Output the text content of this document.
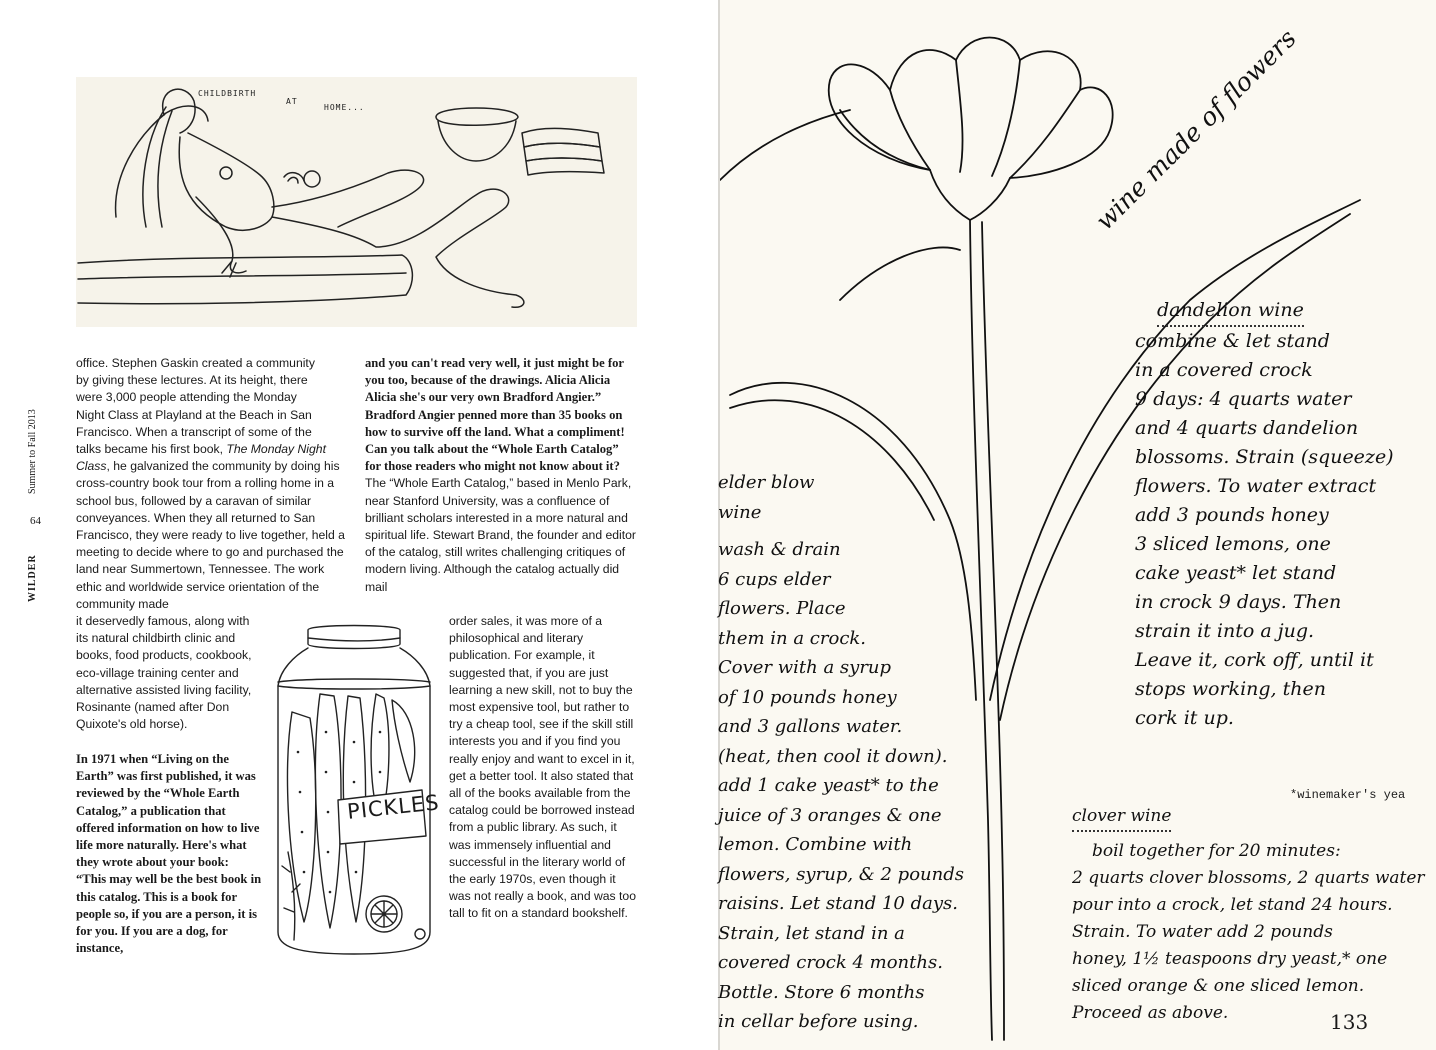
CHILDBIRTH
AT
HOME...
WILDER
Summer to Fall 2013
64

office. Stephen Gaskin created a community

by giving these lectures. At its height, there

were 3,000 people attending the Monday

Night Class at Playland at the Beach in San

Francisco. When a transcript of some of the

talks became his first book, The Monday Night Class, he galvanized the community by doing his cross-country book tour from a rolling home in a school bus, followed by a caravan of similar conveyances. When they all returned to San Francisco, they were ready to live together, held a meeting to decide where to go and purchased the land near Summertown, Tennessee. The work ethic and worldwide service orientation of the community made

it deservedly famous, along with its natural childbirth clinic and books, food products, cookbook, eco-village training center and alternative assisted living facility, Rosinante (named after Don Quixote's old horse).
In 1971 when “Living on the Earth” was first published, it was reviewed by the “Whole Earth Catalog,” a publication that offered information on how to live life more naturally. Here's what they wrote about your book: “This may well be the best book in this catalog. This is a book for people so, if you are a person, it is for you. If you are a dog, for instance,

and you can't read very well, it just might be for you too, because of the drawings. Alicia Alicia Alicia she's our very own Bradford Angier.” Bradford Angier penned more than 35 books on how to survive off the land. What a compliment! Can you talk about the “Whole Earth Catalog” for those readers who might not know about it?

The “Whole Earth Catalog,” based in Menlo Park, near Stanford University, was a confluence of brilliant scholars interested in a more natural and spiritual life. Stewart Brand, the founder and editor of the catalog, still writes challenging critiques of modern living. Although the catalog actually did mail

order sales, it was more of a philosophical and literary publication. For example, it suggested that, if you are just learning a new skill, not to buy the most expensive tool, but rather to try a cheap tool, see if the skill still interests you and if you find you really enjoy and want to excel in it, get a better tool. It also stated that all of the books available from the catalog could be borrowed instead from a public library. As such, it was immensely influential and successful in the literary world of the early 1970s, even though it was not really a book, and was too tall to fit on a standard bookshelf.
PICKLES
wine made of flowers
dandelion wine
combine & let stand
in a covered crock
9 days: 4 quarts water
and 4 quarts dandelion
blossoms. Strain (squeeze)
flowers. To water extract
add 3 pounds honey
3 sliced lemons, one
cake yeast* let stand
in crock 9 days. Then
strain it into a jug.
Leave it, cork off, until it
stops working, then
cork it up.
*winemaker's yea
elder blow
wine
wash & drain
6 cups elder
flowers. Place
them in a crock.
Cover with a syrup
of 10 pounds honey
and 3 gallons water.
(heat, then cool it down).
add 1 cake yeast* to the
juice of 3 oranges & one
lemon. Combine with
flowers, syrup, & 2 pounds
raisins. Let stand 10 days.
Strain, let stand in a
covered crock 4 months.
Bottle. Store 6 months
in cellar before using.
clover wine
boil together for 20 minutes:
2 quarts clover blossoms, 2 quarts water
pour into a crock, let stand 24 hours.
Strain. To water add 2 pounds
honey, 1½ teaspoons dry yeast,* one
sliced orange & one sliced lemon.
Proceed as above.	133
